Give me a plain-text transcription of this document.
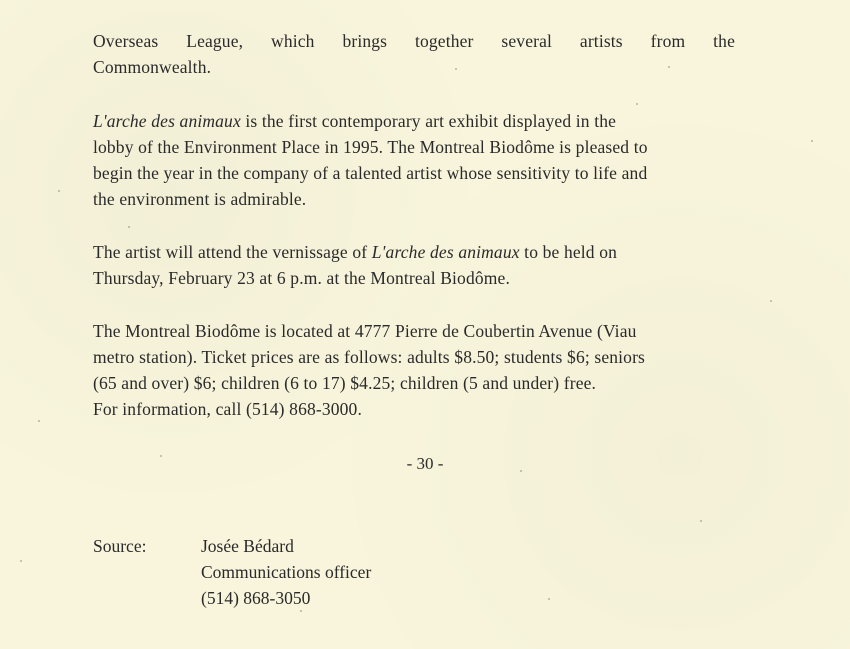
Overseas League, which brings together several artists from the
Commonwealth.
L'arche des animaux is the first contemporary art exhibit displayed in the
lobby of the Environment Place in 1995. The Montreal Biodôme is pleased to
begin the year in the company of a talented artist whose sensitivity to life and
the environment is admirable.
The artist will attend the vernissage of L'arche des animaux to be held on
Thursday, February 23 at 6 p.m. at the Montreal Biodôme.
The Montreal Biodôme is located at 4777 Pierre de Coubertin Avenue (Viau
metro station). Ticket prices are as follows: adults $8.50; students $6; seniors
(65 and over) $6; children (6 to 17) $4.25; children (5 and under) free.
For information, call (514) 868-3000.
- 30 -
Source:	Josée Bédard
Communications officer
(514) 868-3050
